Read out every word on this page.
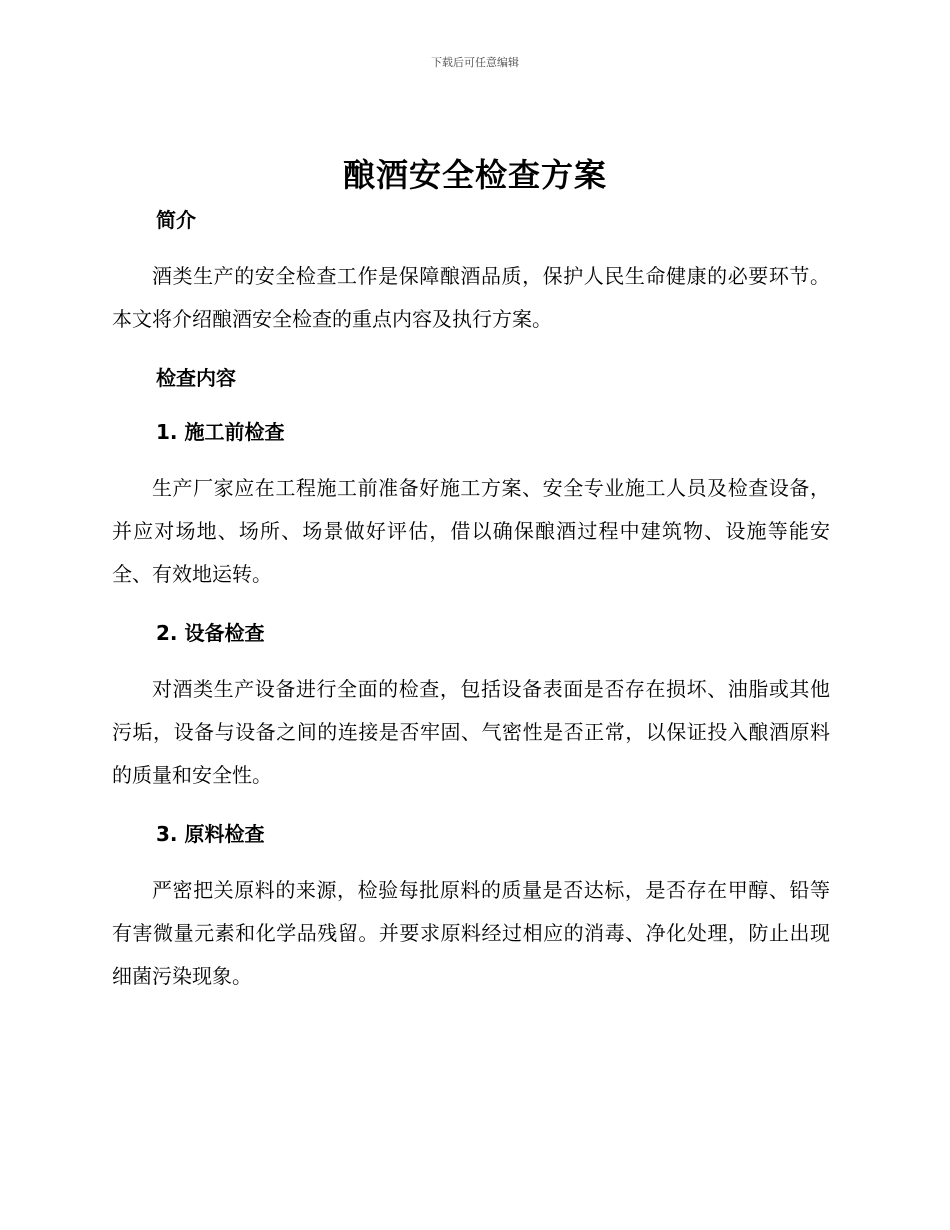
下载后可任意编辑
酿酒安全检查方案
简介

酒类生产的安全检查工作是保障酿酒品质，保护人民生命健康的必要环节。本文将介绍酿酒安全检查的重点内容及执行方案。

检查内容
1. 施工前检查

生产厂家应在工程施工前准备好施工方案、安全专业施工人员及检查设备，并应对场地、场所、场景做好评估，借以确保酿酒过程中建筑物、设施等能安全、有效地运转。

2. 设备检查

对酒类生产设备进行全面的检查，包括设备表面是否存在损坏、油脂或其他污垢，设备与设备之间的连接是否牢固、气密性是否正常，以保证投入酿酒原料的质量和安全性。

3. 原料检查

严密把关原料的来源，检验每批原料的质量是否达标，是否存在甲醇、铅等有害微量元素和化学品残留。并要求原料经过相应的消毒、净化处理，防止出现细菌污染现象。
